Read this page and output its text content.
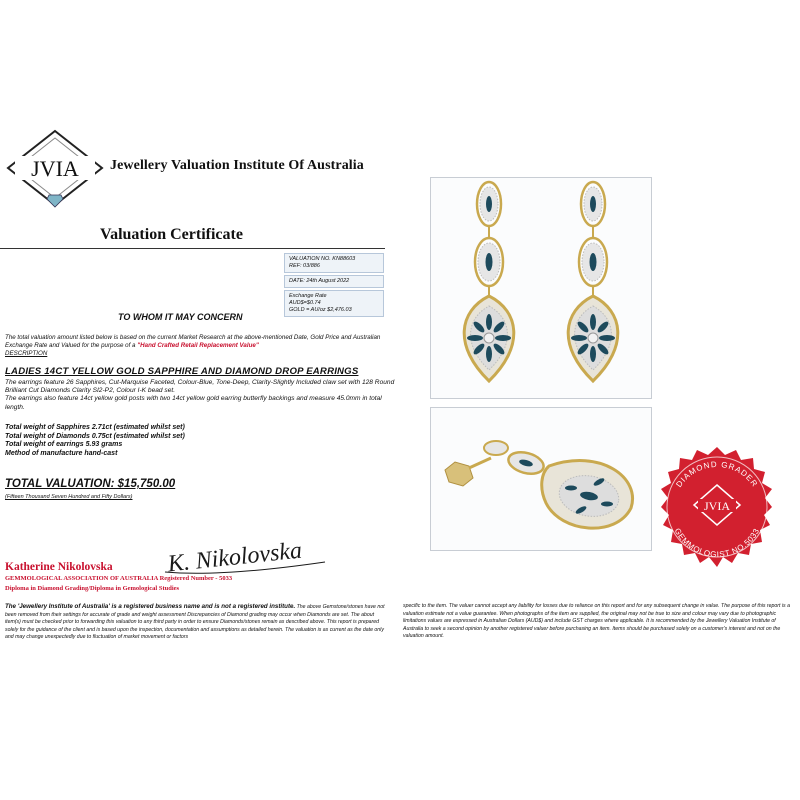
JVIA Jewellery Valuation Institute Of Australia
Valuation Certificate
VALUATION NO. KN88603
REF: 03/886
DATE: 24th August 2022
Exchange Rate
AUD$=$0.74
GOLD = AU/oz $2,476.03
TO WHOM IT MAY CONCERN
The total valuation amount listed below is based on the current Market Research at the above-mentioned Date, Gold Price and Australian Exchange Rate and Valued for the purpose of a "Hand Crafted Retail Replacement Value"
DESCRIPTION
LADIES 14CT YELLOW GOLD SAPPHIRE AND DIAMOND DROP EARRINGS
The earrings feature 26 Sapphires, Cut-Marquise Faceted, Colour-Blue, Tone-Deep, Clarity-Slightly Included claw set with 128 Round Brilliant Cut Diamonds Clarity SI2-P2, Colour I-K bead set.
The earrings also feature 14ct yellow gold posts with two 14ct yellow gold earring butterfly backings and measure 45.0mm in total length.
Total weight of Sapphires 2.71ct (estimated whilst set)
Total weight of Diamonds 0.75ct (estimated whilst set)
Total weight of earrings 5.93 grams
Method of manufacture hand-cast
TOTAL VALUATION: $15,750.00
(Fifteen Thousand Seven Hundred and Fifty Dollars)
Katherine Nikolovska K. Nikolovska
GEMMOLOGICAL ASSOCIATION OF AUSTRALIA Registered Number - 5033
Diploma in Diamond Grading/Diploma in Gemological Studies
The 'Jewellery Institute of Australia' is a registered business name and is not a registered institute. The above Gemstone/stones have not been removed from their settings for accurate of grade and weight assessment Discrepancies of Diamond grading may occur when Diamonds are set. The about item(s) must be checked prior to forwarding this valuation to any third party in order to ensure Diamonds/stones remain as described above. This report is prepared solely for the guidance of the client and is based upon the inspection, documentation and assumptions as detailed herein. The valuation is as current as the date only and may change unexpectedly due to fluctuation of market movement or factors
specific to the item. The valuer cannot accept any liability for losses due to reliance on this report and for any subsequent change in value. The purpose of this report is a valuation estimate not a value guarantee. When photographs of the item are supplied, the original may not be true to size and colour may vary due to photographic limitations values are expressed in Australian Dollars (AUD$) and include GST charges where applicable. It is recommended by the Jewellery Valuation Institute of Australia to seek a second opinion by another registered valuer before purchasing an item. Items should be purchased solely on a customer's interest and not on the valuation amount.
DIAMOND GRADER
GEMMOLOGIST NO.5033
JVIA
